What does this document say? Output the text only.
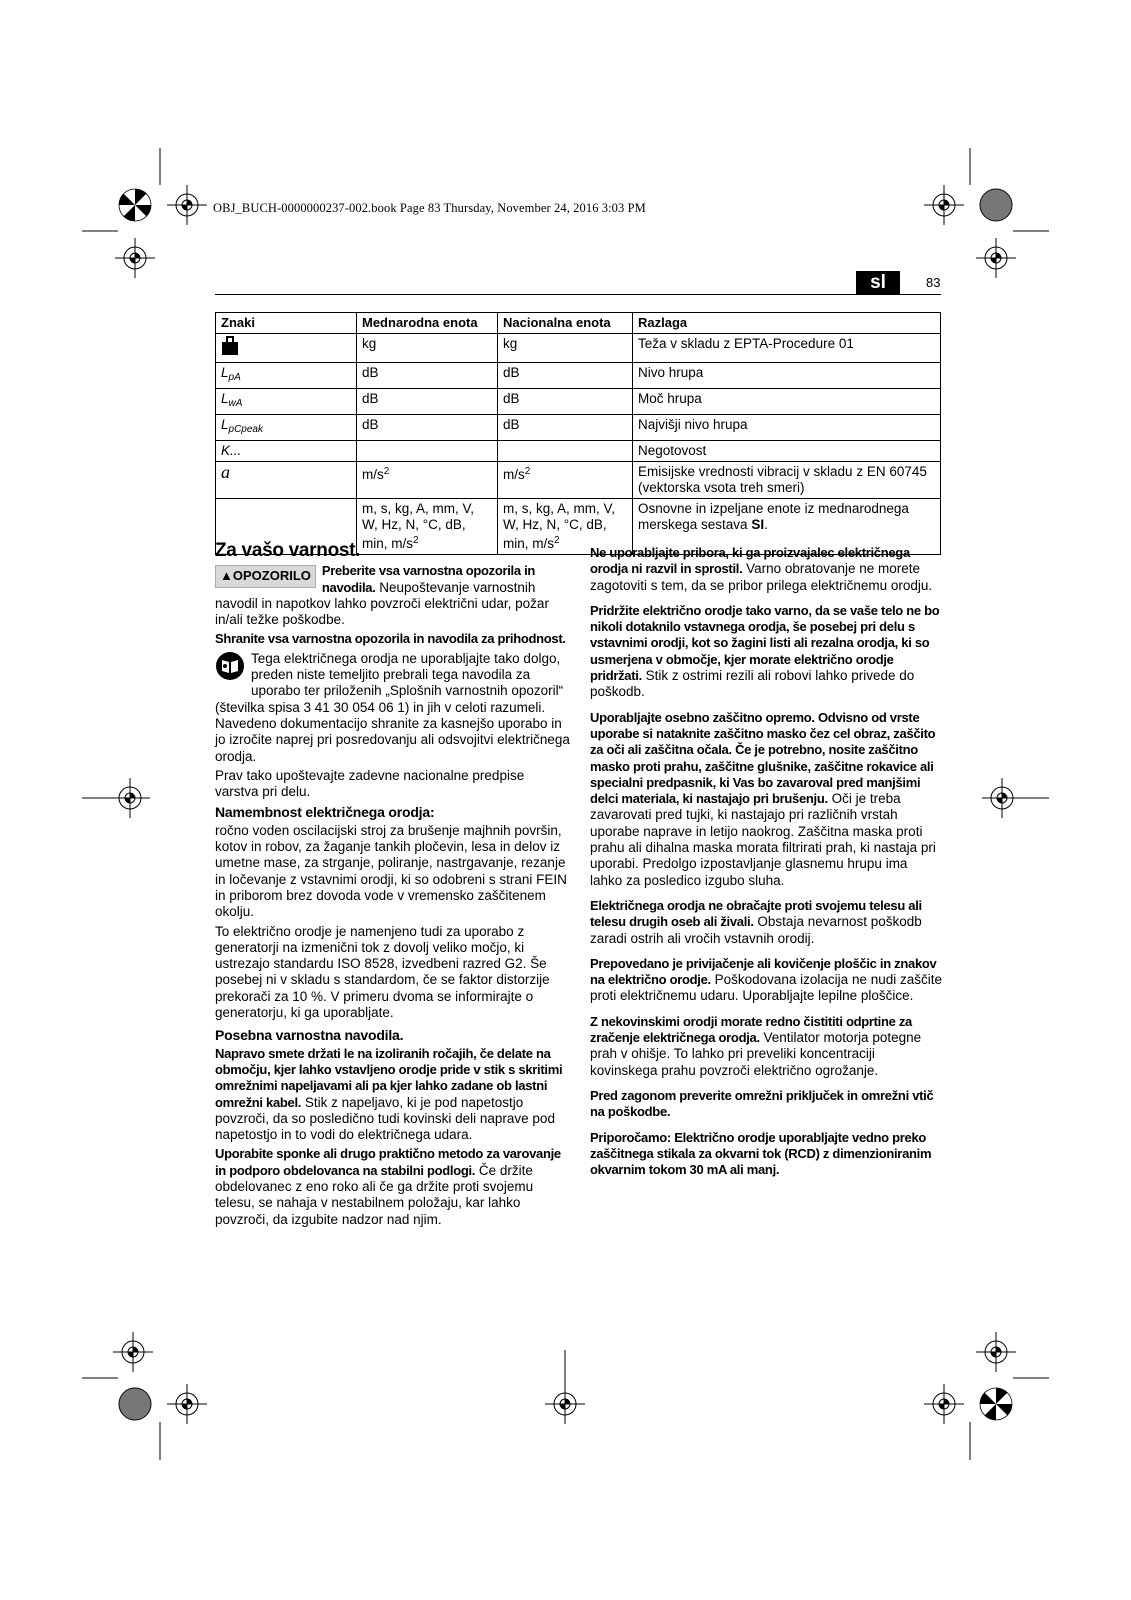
OBJ_BUCH-0000000237-002.book Page 83 Thursday, November 24, 2016 3:03 PM
sl	83
Znaki	Mednarodna enota	Nacionalna enota	Razlaga
	kg	kg	Teža v skladu z EPTA-Procedure 01
$L_{pA}$	dB	dB	Nivo hrupa
$L_{wA}$	dB	dB	Moč hrupa
$L_{pCpeak}$	dB	dB	Najvišji nivo hrupa
K...			Negotovost
a	$m/s^2$	$m/s^2$	Emisijske vrednosti vibracij v skladu z EN 60745 (vektorska vsota treh smeri)
	m, s, kg, A, mm, V, W, Hz, N, °C, dB, min, $m/s^2$	m, s, kg, A, mm, V, W, Hz, N, °C, dB, min, $m/s^2$	Osnovne in izpeljane enote iz mednarodnega merskega sestava SI.
Za vašo varnost.

▲OPOZORILO Preberite vsa varnostna opozorila in navodila. Neupoštevanje varnostnih navodil in napotkov lahko povzroči električni udar, požar in/ali težke poškodbe.

Shranite vsa varnostna opozorila in navodila za prihodnost.

Tega električnega orodja ne uporabljajte tako dolgo, preden niste temeljito prebrali tega navodila za uporabo ter priloženih „Splošnih varnostnih opozoril“ (številka spisa 3 41 30 054 06 1) in jih v celoti razumeli. Navedeno dokumentacijo shranite za kasnejšo uporabo in jo izročite naprej pri posredovanju ali odsvojitvi električnega orodja.

Prav tako upoštevajte zadevne nacionalne predpise varstva pri delu.

Namembnost električnega orodja:

ročno voden oscilacijski stroj za brušenje majhnih površin, kotov in robov, za žaganje tankih pločevin, lesa in delov iz umetne mase, za strganje, poliranje, nastrgavanje, rezanje in ločevanje z vstavnimi orodji, ki so odobreni s strani FEIN in priborom brez dovoda vode v vremensko zaščitenem okolju.

To električno orodje je namenjeno tudi za uporabo z generatorji na izmenični tok z dovolj veliko močjo, ki ustrezajo standardu ISO 8528, izvedbeni razred G2. Še posebej ni v skladu s standardom, če se faktor distorzije prekorači za 10 %. V primeru dvoma se informirajte o generatorju, ki ga uporabljate.

Posebna varnostna navodila.

Napravo smete držati le na izoliranih ročajih, če delate na območju, kjer lahko vstavljeno orodje pride v stik s skritimi omrežnimi napeljavami ali pa kjer lahko zadane ob lastni omrežni kabel. Stik z napeljavo, ki je pod napetostjo povzroči, da so posledično tudi kovinski deli naprave pod napetostjo in to vodi do električnega udara.

Uporabite sponke ali drugo praktično metodo za varovanje in podporo obdelovanca na stabilni podlogi. Če držite obdelovanec z eno roko ali če ga držite proti svojemu telesu, se nahaja v nestabilnem položaju, kar lahko povzroči, da izgubite nadzor nad njim.

Ne uporabljajte pribora, ki ga proizvajalec električnega orodja ni razvil in sprostil. Varno obratovanje ne morete zagotoviti s tem, da se pribor prilega električnemu orodju.

Pridržite električno orodje tako varno, da se vaše telo ne bo nikoli dotaknilo vstavnega orodja, še posebej pri delu s vstavnimi orodji, kot so žagini listi ali rezalna orodja, ki so usmerjena v območje, kjer morate električno orodje pridržati. Stik z ostrimi rezili ali robovi lahko privede do poškodb.

Uporabljajte osebno zaščitno opremo. Odvisno od vrste uporabe si nataknite zaščitno masko čez cel obraz, zaščito za oči ali zaščitna očala. Če je potrebno, nosite zaščitno masko proti prahu, zaščitne glušnike, zaščitne rokavice ali specialni predpasnik, ki Vas bo zavaroval pred manjšimi delci materiala, ki nastajajo pri brušenju. Oči je treba zavarovati pred tujki, ki nastajajo pri različnih vrstah uporabe naprave in letijo naokrog. Zaščitna maska proti prahu ali dihalna maska morata filtrirati prah, ki nastaja pri uporabi. Predolgo izpostavljanje glasnemu hrupu ima lahko za posledico izgubo sluha.

Električnega orodja ne obračajte proti svojemu telesu ali telesu drugih oseb ali živali. Obstaja nevarnost poškodb zaradi ostrih ali vročih vstavnih orodij.

Prepovedano je privijačenje ali kovičenje ploščic in znakov na električno orodje. Poškodovana izolacija ne nudi zaščite proti električnemu udaru. Uporabljajte lepilne ploščice.

Z nekovinskimi orodji morate redno čistititi odprtine za zračenje električnega orodja. Ventilator motorja potegne prah v ohišje. To lahko pri preveliki koncentraciji kovinskega prahu povzroči električno ogrožanje.

Pred zagonom preverite omrežni priključek in omrežni vtič na poškodbe.

Priporočamo: Električno orodje uporabljajte vedno preko zaščitnega stikala za okvarni tok (RCD) z dimenzioniranim okvarnim tokom 30 mA ali manj.
